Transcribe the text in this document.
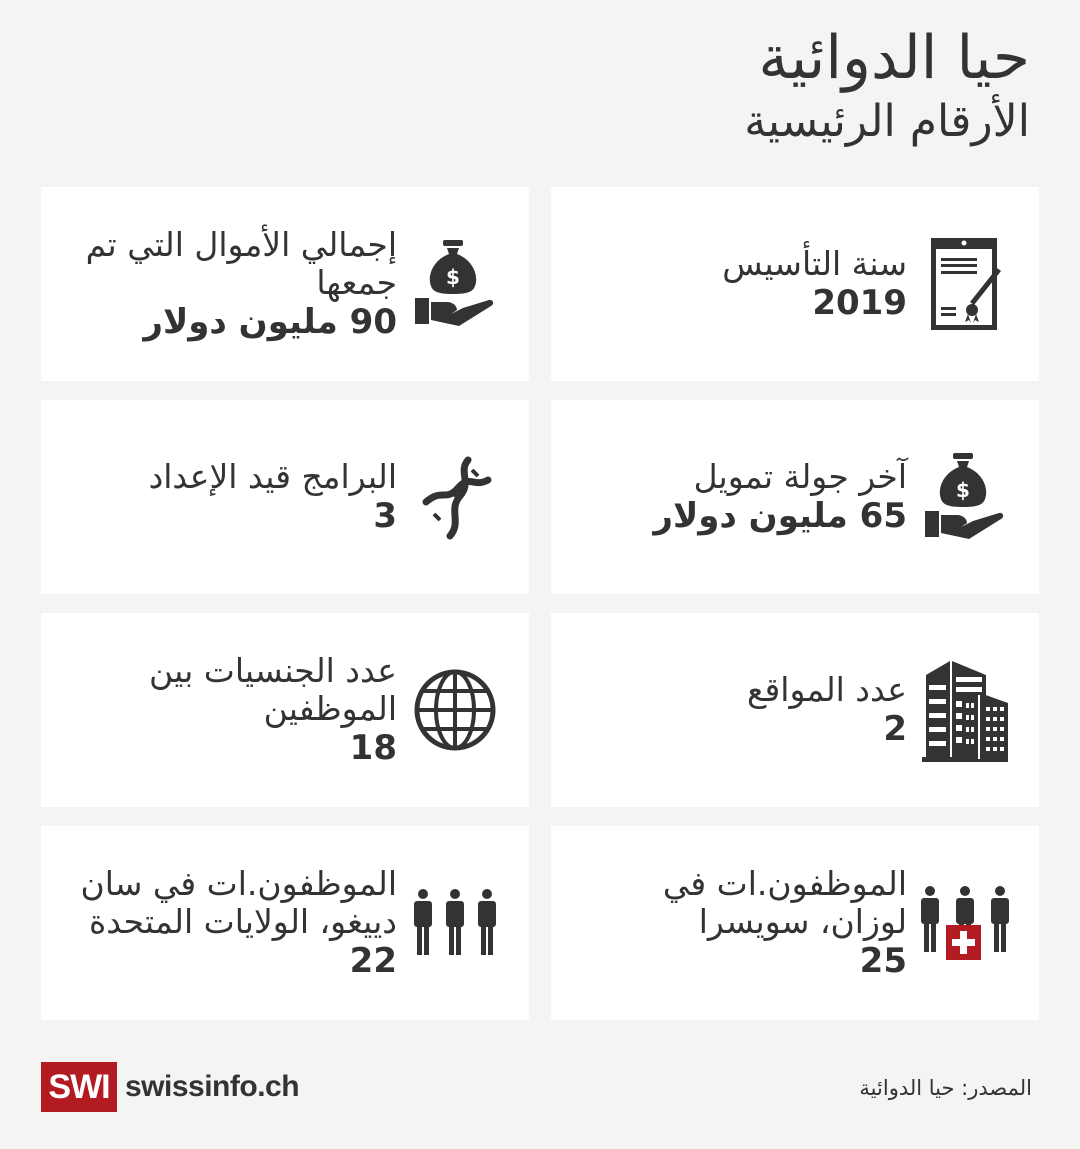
حيا الدوائية
الأرقام الرئيسية
سنة التأسيس
2019
$
إجمالي الأموال التي تم جمعها
90 مليون دولار
$
آخر جولة تمويل
65 مليون دولار
البرامج قيد الإعداد
3
عدد المواقع
2
عدد الجنسيات بين الموظفين
18
الموظفون.ات في لوزان، سويسرا
25
الموظفون.ات في سان دييغو، الولايات المتحدة
22
SWI swissinfo.ch	المصدر: حيا الدوائية
